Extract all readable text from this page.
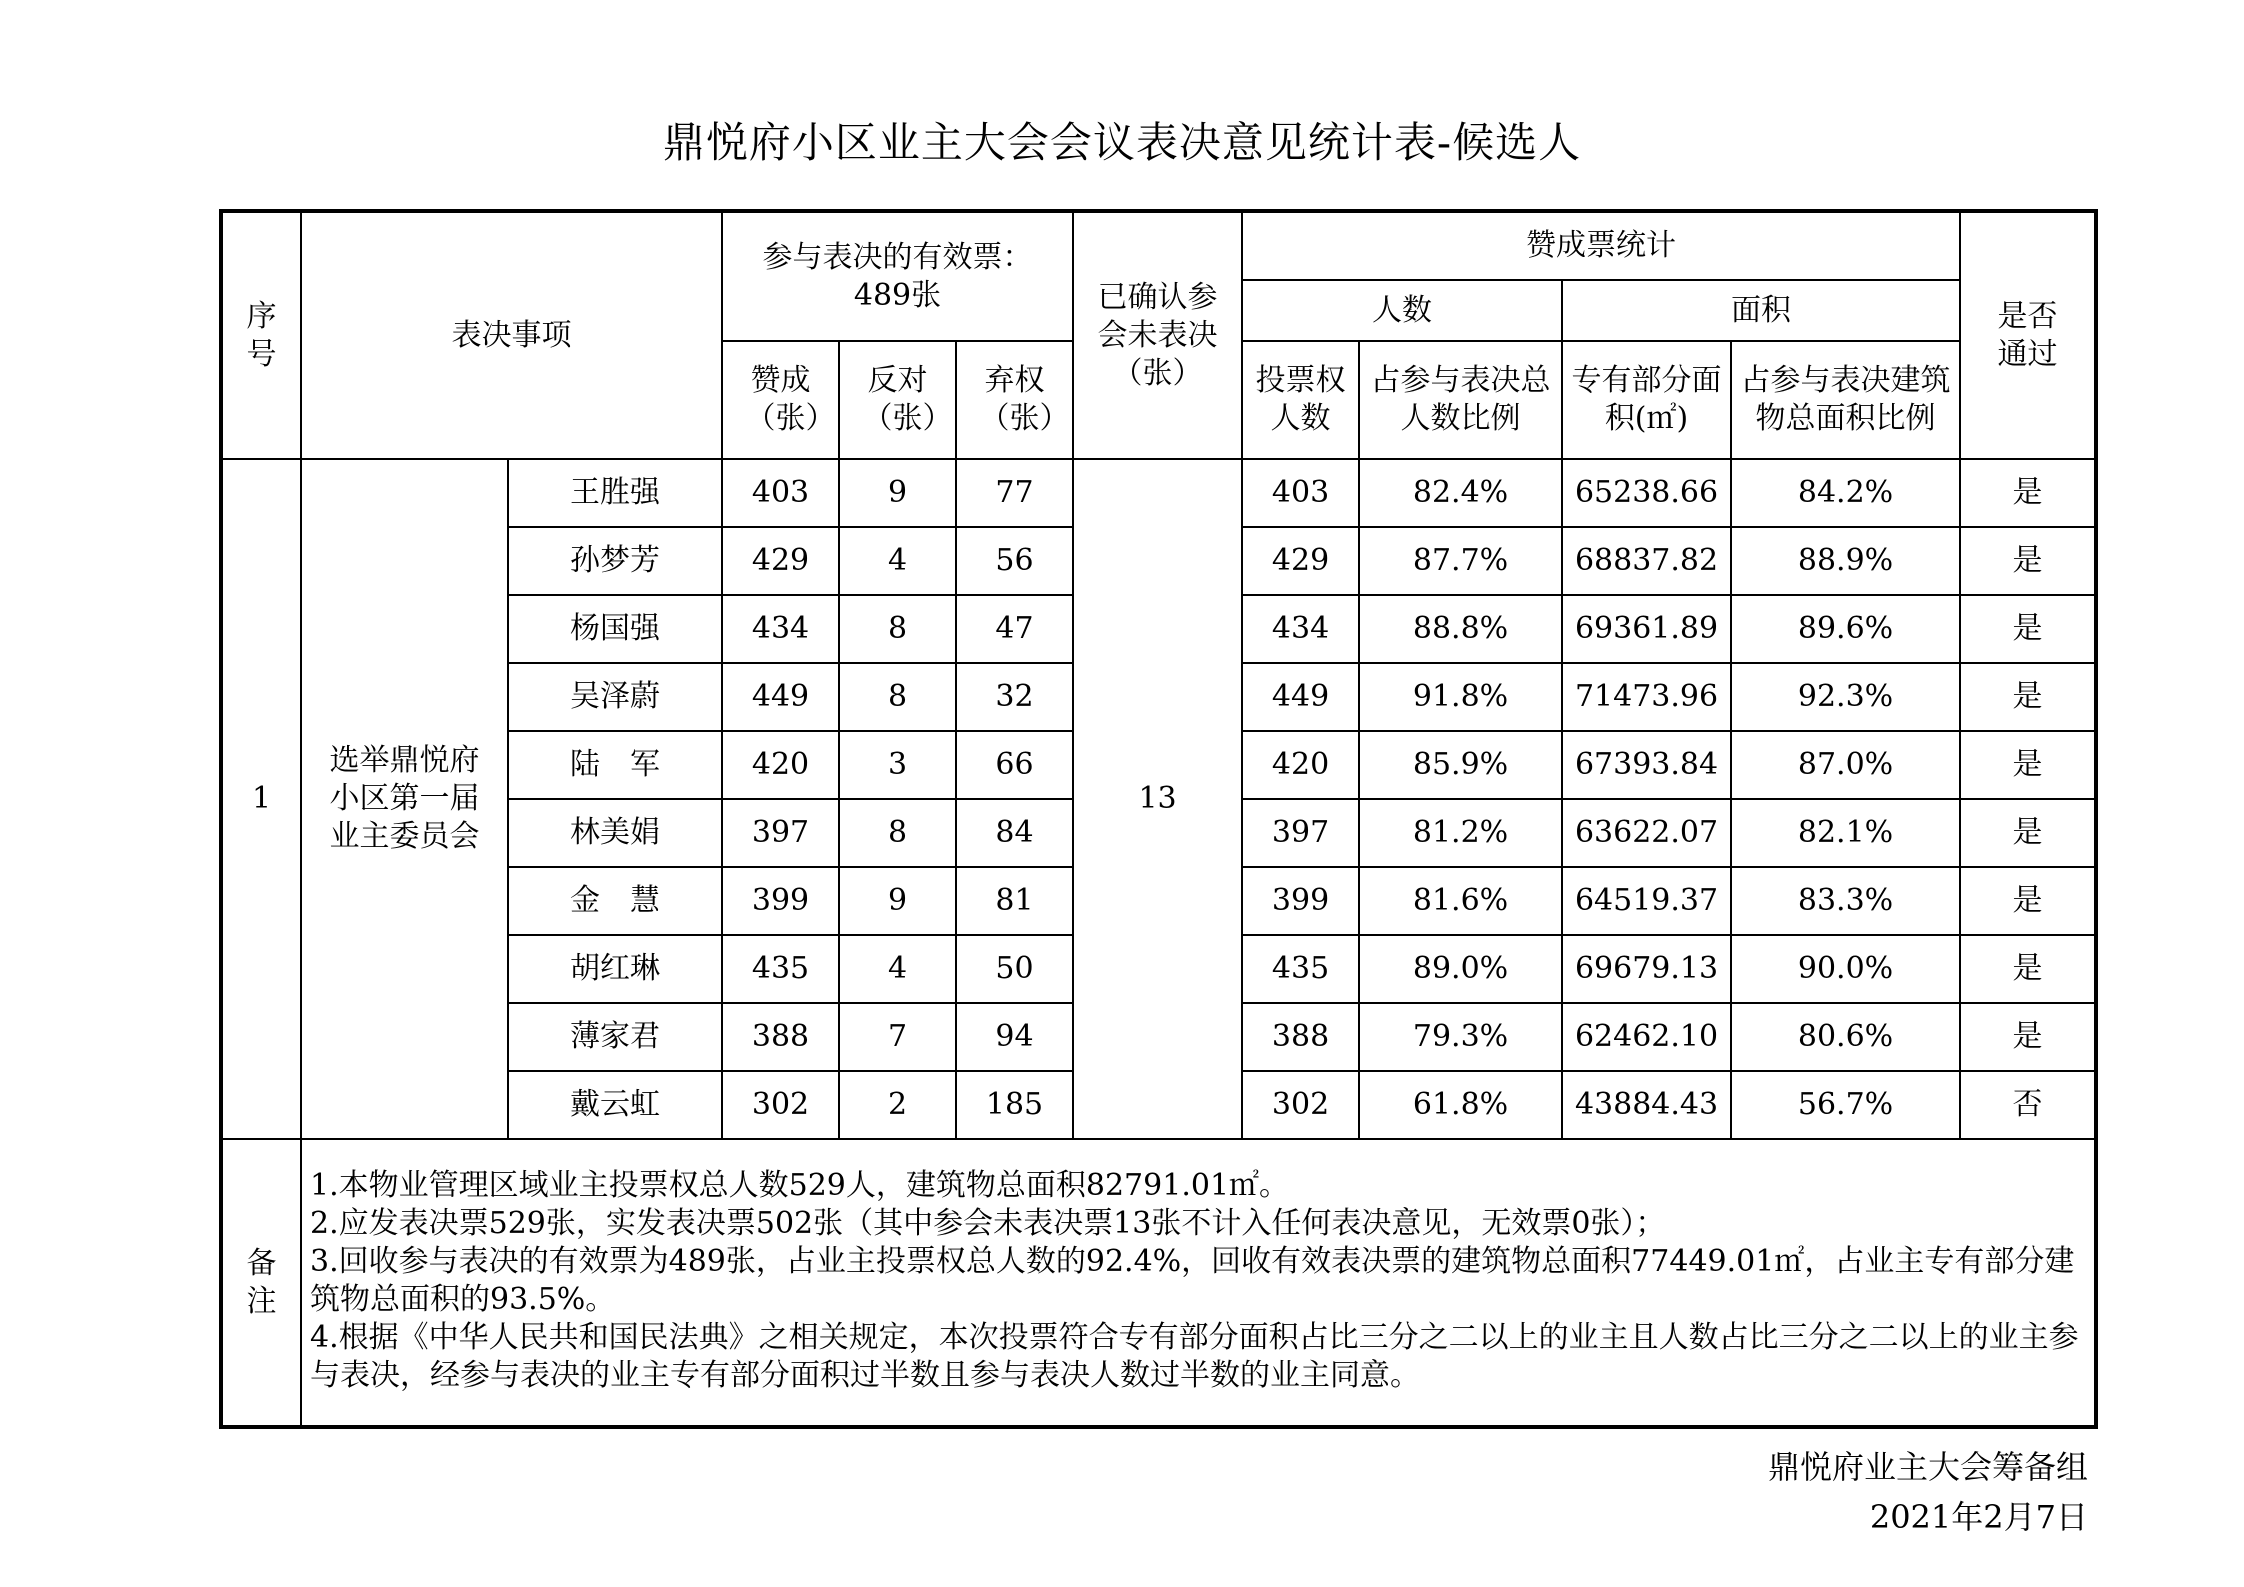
鼎悦府小区业主大会会议表决意见统计表-候选人
序号	表决事项		参与表决的有效票：489张			已确认参会未表决（张）	赞成票统计				是否通过

							人数		面积		

			赞成（张）	反对（张）	弃权（张）		投票权人数	占参与表决总人数比例	专有部分面积(㎡)	占参与表决建筑物总面积比例	

1	选举鼎悦府小区第一届业主委员会	王胜强	403	9	77	13	403	82.4%	65238.66	84.2%	是
		孙梦芳	429	4	56		429	87.7%	68837.82	88.9%	是
		杨国强	434	8	47		434	88.8%	69361.89	89.6%	是
		吴泽蔚	449	8	32		449	91.8%	71473.96	92.3%	是
		陆　军	420	3	66		420	85.9%	67393.84	87.0%	是
		林美娟	397	8	84		397	81.2%	63622.07	82.1%	是
		金　慧	399	9	81		399	81.6%	64519.37	83.3%	是
		胡红琳	435	4	50		435	89.0%	69679.13	90.0%	是
		薄家君	388	7	94		388	79.3%	62462.10	80.6%	是
		戴云虹	302	2	185		302	61.8%	43884.43	56.7%	否
备注	1.本物业管理区域业主投票权总人数529人，建筑物总面积82791.01㎡。
2.应发表决票529张，实发表决票502张（其中参会未表决票13张不计入任何表决意见，无效票0张）；
3.回收参与表决的有效票为489张，占业主投票权总人数的92.4%，回收有效表决票的建筑物总面积77449.01㎡，占业主专有部分建筑物总面积的93.5%。
4.根据《中华人民共和国民法典》之相关规定，本次投票符合专有部分面积占比三分之二以上的业主且人数占比三分之二以上的业主参与表决，经参与表决的业主专有部分面积过半数且参与表决人数过半数的业主同意。										
鼎悦府业主大会筹备组
2021年2月7日
